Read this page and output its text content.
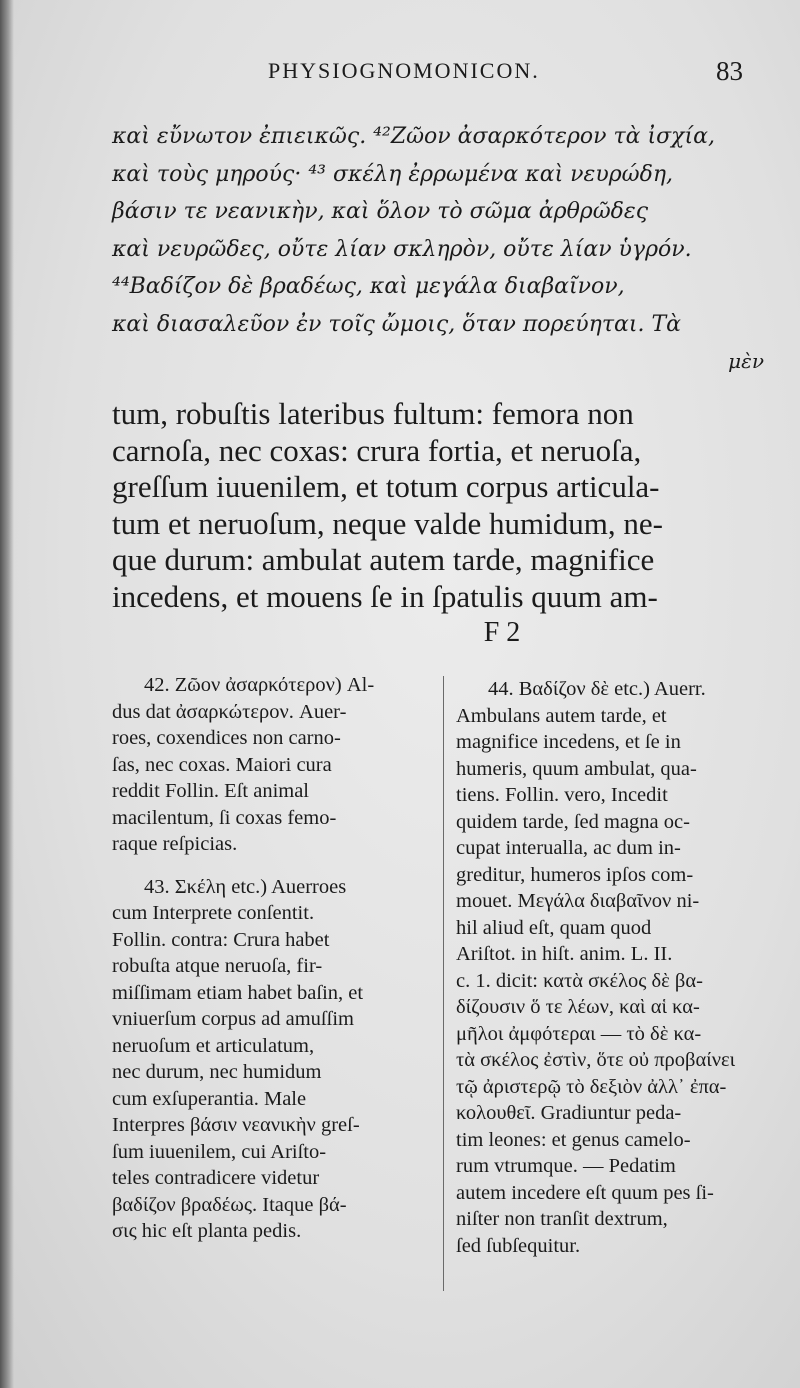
PHYSIOGNOMONICON.	83
καὶ εὔνωτον ἐπιεικῶς. ⁴²Ζῶον ἀσαρκότερον τὰ ἰσχία,
καὶ τοὺς μηρούς· ⁴³ σκέλη ἐρρωμένα καὶ νευρώδη,
βάσιν τε νεανικὴν, καὶ ὅλον τὸ σῶμα ἀρθρῶδες
καὶ νευρῶδες, οὔτε λίαν σκληρὸν, οὔτε λίαν ὑγρόν.
⁴⁴Βαδίζον δὲ βραδέως, καὶ μεγάλα διαβαῖνον,
καὶ διασαλεῦον ἐν τοῖς ὤμοις, ὅταν πορεύηται. Τὰ
μὲν
tum, robuſtis lateribus fultum: femora non
carnoſa, nec coxas: crura fortia, et neruoſa,
greſſum iuuenilem, et totum corpus articula-
tum et neruoſum, neque valde humidum, ne-
que durum: ambulat autem tarde, magnifice
incedens, et mouens ſe in ſpatulis quum am-
F 2
42. Ζῶον ἀσαρκότερον) Al-
dus dat ἀσαρκώτερον. Auer-
roes, coxendices non carno-
ſas, nec coxas. Maiori cura
reddit Follin. Eſt animal
macilentum, ſi coxas femo-
raque reſpicias.
43. Σκέλη etc.) Auerroes
cum Interprete conſentit.
Follin. contra: Crura habet
robuſta atque neruoſa, fir-
miſſimam etiam habet baſin, et
vniuerſum corpus ad amuſſim
neruoſum et articulatum,
nec durum, nec humidum
cum exſuperantia. Male
Interpres βάσιν νεανικὴν greſ-
ſum iuuenilem, cui Ariſto-
teles contradicere videtur
βαδίζον βραδέως. Itaque βά-
σις hic eſt planta pedis.
44. Βαδίζον δὲ etc.) Auerr.
Ambulans autem tarde, et
magnifice incedens, et ſe in
humeris, quum ambulat, qua-
tiens. Follin. vero, Incedit
quidem tarde, ſed magna oc-
cupat interualla, ac dum in-
greditur, humeros ipſos com-
mouet. Μεγάλα διαβαῖνον ni-
hil aliud eſt, quam quod
Ariſtot. in hiſt. anim. L. II.
c. 1. dicit: κατὰ σκέλος δὲ βα-
δίζουσιν ὅ τε λέων, καὶ αἱ κα-
μῆλοι ἀμφότεραι — τὸ δὲ κα-
τὰ σκέλος ἐστὶν, ὅτε οὐ προβαίνει
τῷ ἀριστερῷ τὸ δεξιὸν ἀλλ᾽ ἐπα-
κολουθεῖ. Gradiuntur peda-
tim leones: et genus camelo-
rum vtrumque. — Pedatim
autem incedere eſt quum pes ſi-
niſter non tranſit dextrum,
ſed ſubſequitur.
